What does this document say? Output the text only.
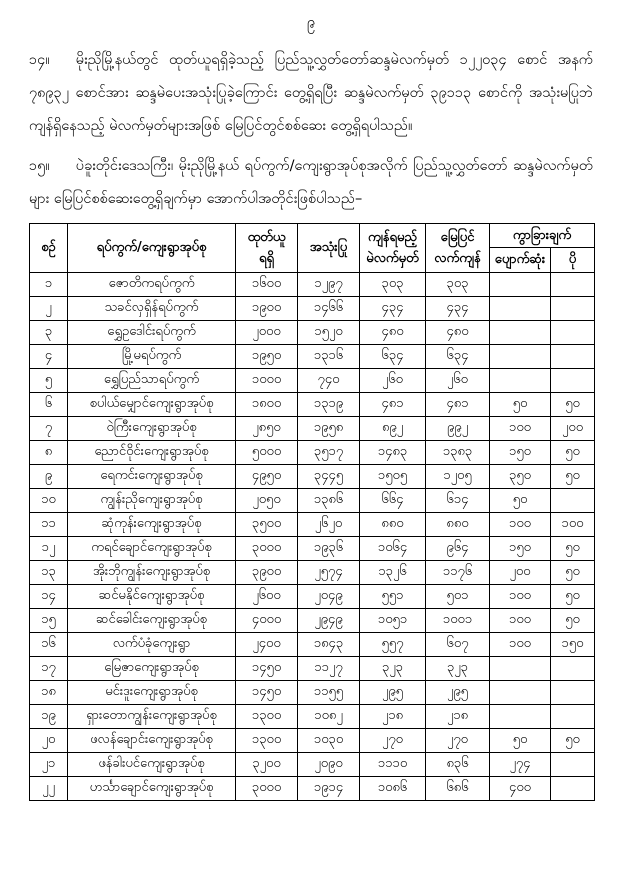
၉

၁၄။ မိုးညိုမြို့နယ်တွင် ထုတ်ယူရရှိခဲ့သည့် ပြည်သူ့လွှတ်တော်ဆန္ဒမဲလက်မှတ် ၁၂၂၀၃၄ စောင် အနက် ၇၈၉၃၂ စောင်အား ဆန္ဒမဲပေးအသုံးပြုခဲ့ကြောင်း တွေ့ရှိရပြီး ဆန္ဒမဲလက်မှတ် ၃၉၁၁၃ စောင်ကို အသုံးမပြုဘဲကျန်ရှိနေသည့် မဲလက်မှတ်များအဖြစ် မြေပြင်တွင်စစ်ဆေး တွေ့ရှိရပါသည်။

၁၅။ ပဲခူးတိုင်းဒေသကြီး၊ မိုးညိုမြို့နယ် ရပ်ကွက်/ကျေးရွာအုပ်စုအလိုက် ပြည်သူ့လွှတ်တော် ဆန္ဒမဲလက်မှတ်များ မြေပြင်စစ်ဆေးတွေ့ရှိချက်မှာ အောက်ပါအတိုင်းဖြစ်ပါသည်–

စဉ်	ရပ်ကွက်/ကျေးရွာအုပ်စု	ထုတ်ယူ ရရှိ	အသုံးပြု	ကျန်ရမည့် မဲလက်မှတ်	မြေပြင် လက်ကျန်	ကွာခြားချက်	
						ပျောက်ဆုံး	ပို
၁	ဇောတိကရပ်ကွက်	၁၆၀၀	၁၂၉၇	၃၀၃	၃၀၃		
၂	သခင်လှရှိန်ရပ်ကွက်	၁၉၀၀	၁၄၆၆	၄၃၄	၄၃၄		
၃	ရွှေဥဒေါင်းရပ်ကွက်	၂၀၀၀	၁၅၂၀	၄၈၀	၄၈၀		
၄	မြို့မရပ်ကွက်	၁၉၅၀	၁၃၁၆	၆၃၄	၆၃၄		
၅	ရွှေပြည်သာရပ်ကွက်	၁၀၀၀	၇၄၀	၂၆၀	၂၆၀		
၆	စပါယ်မျှောင်ကျေးရွာအုပ်စု	၁၈၀၀	၁၃၁၉	၄၈၁	၄၈၁	၅၀	၅၀
၇	ဝဲကြီးကျေးရွာအုပ်စု	၂၈၅၀	၁၉၅၈	၈၉၂	၉၉၂	၁၀၀	၂၀၀
၈	ညောင်ဝိုင်းကျေးရွာအုပ်စု	၅၀၀၀	၃၅၁၇	၁၄၈၃	၁၃၈၃	၁၅၀	၅၀
၉	ရေကင်းကျေးရွာအုပ်စု	၄၉၅၀	၃၄၄၅	၁၅၀၅	၁၂၀၅	၃၅၀	၅၀
၁၀	ကျွန်းညိုကျေးရွာအုပ်စု	၂၀၅၀	၁၃၈၆	၆၆၄	၆၁၄	၅၀	
၁၁	ဆုံကုန်းကျေးရွာအုပ်စု	၃၅၀၀	၂၆၂၀	၈၈၀	၈၈၀	၁၀၀	၁၀၀
၁၂	ကရင်ချောင်ကျေးရွာအုပ်စု	၃၀၀၀	၁၉၃၆	၁၀၆၄	၉၆၄	၁၅၀	၅၀
၁၃	အိုးဘိုကျွန်းကျေးရွာအုပ်စု	၃၉၀၀	၂၅၇၄	၁၃၂၆	၁၁၇၆	၂၀၀	၅၀
၁၄	ဆင်မနိုင်ကျေးရွာအုပ်စု	၂၆၀၀	၂၀၄၉	၅၅၁	၅၀၁	၁၀၀	၅၀
၁၅	ဆင်ခေါင်းကျေးရွာအုပ်စု	၄၀၀၀	၂၉၄၉	၁၀၅၁	၁၀၀၁	၁၀၀	၅၀
၁၆	လက်ပံခုံကျေးရွာ	၂၄၀၀	၁၈၄၃	၅၅၇	၆၀၇	၁၀၀	၁၅၀
၁၇	မြေဇာကျေးရွာအုပ်စု	၁၄၅၀	၁၁၂၇	၃၂၃	၃၂၃		
၁၈	မင်းဒူးကျေးရွာအုပ်စု	၁၄၅၀	၁၁၅၅	၂၉၅	၂၉၅		
၁၉	ရှားတောကျွန်းကျေးရွာအုပ်စု	၁၃၀၀	၁၀၈၂	၂၁၈	၂၁၈		
၂၀	ဖလန်ချောင်းကျေးရွာအုပ်စု	၁၃၀၀	၁၀၃၀	၂၇၀	၂၇၀	၅၀	၅၀
၂၁	ဖန်ခါးပင်ကျေးရွာအုပ်စု	၃၂၀၀	၂၀၉၀	၁၁၁၀	၈၃၆	၂၇၄	
၂၂	ဟင်္သာချောင်ကျေးရွာအုပ်စု	၃၀၀၀	၁၉၁၄	၁၀၈၆	၆၈၆	၄၀၀	
